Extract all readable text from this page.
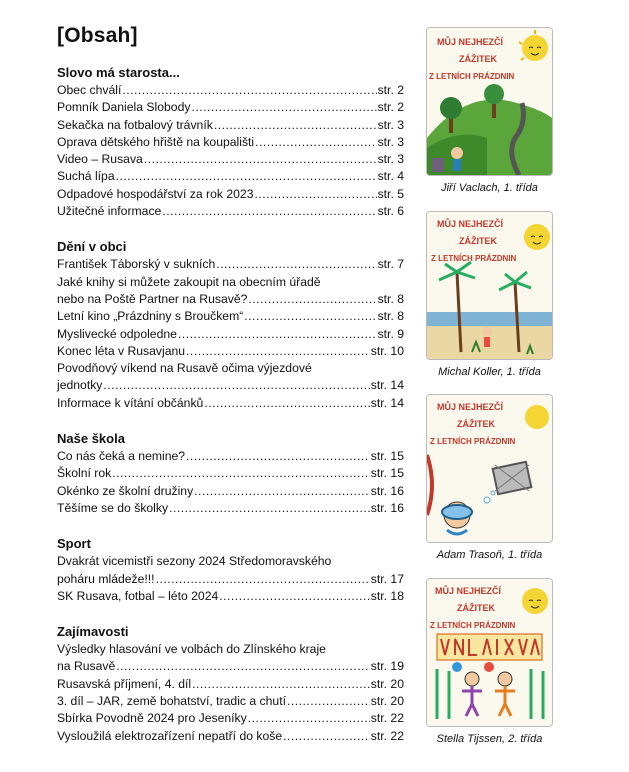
[Obsah]
Slovo má starosta...
Obec chválí .....	str. 2
Pomník Daniela Slobody .....	str. 2
Sekačka na fotbalový trávník .....	str. 3
Oprava dětského hřiště na koupališti .....	str. 3
Video – Rusava .....	str. 3
Suchá lípa .....	str. 4
Odpadové hospodářství za rok 2023 .....	str. 5
Užitečné informace .....	str. 6
Dění v obci
František Táborský v sukních .....	str. 7
Jaké knihy si můžete zakoupit na obecním úřadě
nebo na Poště Partner na Rusavě? .....	str. 8
Letní kino „Prázdniny s Broučkem“ .....	str. 8
Myslivecké odpoledne .....	str. 9
Konec léta v Rusavjanu .....	str. 10
Povodňový víkend na Rusavě očima výjezdové
jednotky .....	str. 14
Informace k vítání občánků .....	str. 14
Naše škola
Co nás čeká a nemine? .....	str. 15
Školní rok .....	str. 15
Okénko ze školní družiny .....	str. 16
Těšíme se do školky .....	str. 16
Sport
Dvakrát vicemistři sezony 2024 Středomoravského
poháru mládeže!!! .....	str. 17
SK Rusava, fotbal – léto 2024 .....	str. 18
Zajímavosti
Výsledky hlasování ve volbách do Zlínského kraje
na Rusavě .....	str. 19
Rusavská příjmení, 4. díl .....	str. 20
3. díl – JAR, země bohatství, tradic a chutí .....	str. 20
Sbírka Povodně 2024 pro Jeseníky .....	str. 22
Vysloužilá elektrozařízení nepatří do koše .....	str. 22
MŮJ NEJHEZČÍ
ZÁŽITEK
Z LETNÍCH PRÁZDNIN
Jiří Vaclach, 1. třída
MŮJ NEJHEZČÍ
ZÁŽITEK
Z LETNÍCH PRÁZDNIN
Michal Koller, 1. třída
MŮJ NEJHEZČÍ
ZÁŽITEK
Z LETNÍCH PRÁZDNIN
Adam Trasoň, 1. třída
MŮJ NEJHEZČÍ
ZÁŽITEK
Z LETNÍCH PRÁZDNIN
Stella Tijssen, 2. třída
